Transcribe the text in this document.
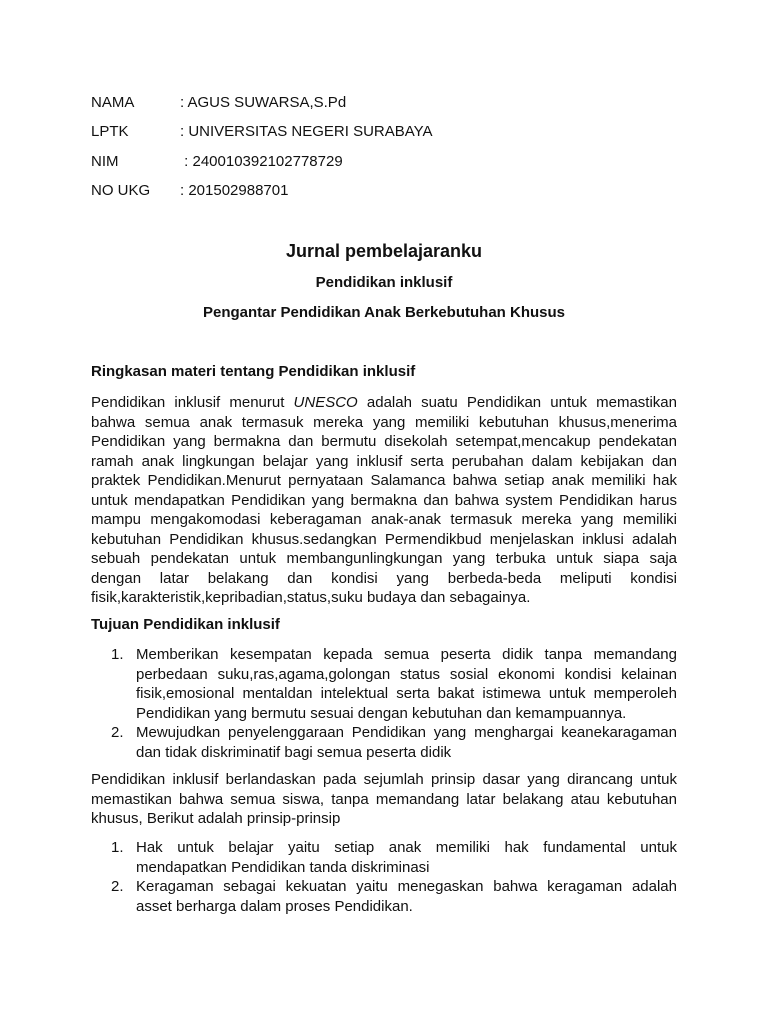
NAMA	: AGUS SUWARSA,S.Pd
LPTK	: UNIVERSITAS NEGERI SURABAYA
NIM	: 240010392102778729
NO UKG : 201502988701
Jurnal pembelajaranku
Pendidikan inklusif
Pengantar Pendidikan Anak Berkebutuhan Khusus
Ringkasan materi tentang Pendidikan inklusif

Pendidikan inklusif menurut UNESCO adalah suatu Pendidikan untuk memastikan bahwa semua anak termasuk mereka yang memiliki kebutuhan khusus,menerima Pendidikan yang bermakna dan bermutu disekolah setempat,mencakup pendekatan ramah anak lingkungan belajar yang inklusif serta perubahan dalam kebijakan dan praktek Pendidikan.Menurut pernyataan Salamanca bahwa setiap anak memiliki hak untuk mendapatkan Pendidikan yang bermakna dan bahwa system Pendidikan harus mampu mengakomodasi keberagaman anak-anak termasuk mereka yang memiliki kebutuhan Pendidikan khusus.sedangkan Permendikbud menjelaskan inklusi adalah sebuah pendekatan untuk membangunlingkungan yang terbuka untuk siapa saja dengan latar belakang dan kondisi yang berbeda-beda meliputi kondisi fisik,karakteristik,kepribadian,status,suku budaya dan sebagainya.

Tujuan Pendidikan inklusif
1. Memberikan kesempatan kepada semua peserta didik tanpa memandang perbedaan suku,ras,agama,golongan status sosial ekonomi kondisi kelainan fisik,emosional mentaldan intelektual serta bakat istimewa untuk memperoleh Pendidikan yang bermutu sesuai dengan kebutuhan dan kemampuannya.
2. Mewujudkan penyelenggaraan Pendidikan yang menghargai keanekaragaman dan tidak diskriminatif bagi semua peserta didik

Pendidikan inklusif berlandaskan pada sejumlah prinsip dasar yang dirancang untuk memastikan bahwa semua siswa, tanpa memandang latar belakang atau kebutuhan khusus, Berikut adalah prinsip-prinsip

1. Hak untuk belajar yaitu setiap anak memiliki hak fundamental untuk mendapatkan Pendidikan tanda diskriminasi
2. Keragaman sebagai kekuatan yaitu menegaskan bahwa keragaman adalah asset berharga dalam proses Pendidikan.
